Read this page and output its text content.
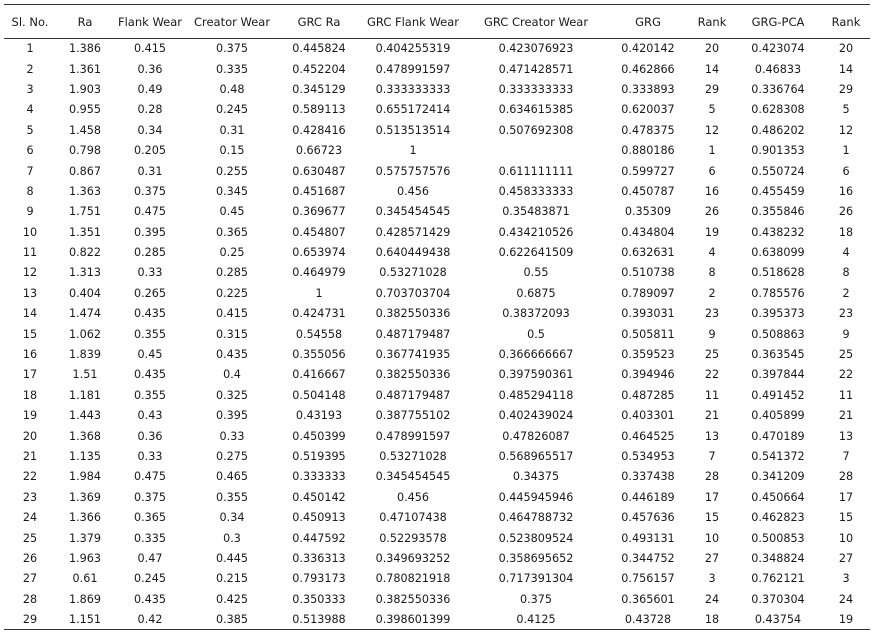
Sl. No.	Ra	Flank Wear	Creator Wear	GRC Ra	GRC Flank Wear	GRC Creator Wear	GRG	Rank	GRG-PCA	Rank
1	1.386	0.415	0.375	0.445824	0.404255319	0.423076923	0.420142	20	0.423074	20
2	1.361	0.36	0.335	0.452204	0.478991597	0.471428571	0.462866	14	0.46833	14
3	1.903	0.49	0.48	0.345129	0.333333333	0.333333333	0.333893	29	0.336764	29
4	0.955	0.28	0.245	0.589113	0.655172414	0.634615385	0.620037	5	0.628308	5
5	1.458	0.34	0.31	0.428416	0.513513514	0.507692308	0.478375	12	0.486202	12
6	0.798	0.205	0.15	0.66723	1		0.880186	1	0.901353	1
7	0.867	0.31	0.255	0.630487	0.575757576	0.611111111	0.599727	6	0.550724	6
8	1.363	0.375	0.345	0.451687	0.456	0.458333333	0.450787	16	0.455459	16
9	1.751	0.475	0.45	0.369677	0.345454545	0.35483871	0.35309	26	0.355846	26
10	1.351	0.395	0.365	0.454807	0.428571429	0.434210526	0.434804	19	0.438232	18
11	0.822	0.285	0.25	0.653974	0.640449438	0.622641509	0.632631	4	0.638099	4
12	1.313	0.33	0.285	0.464979	0.53271028	0.55	0.510738	8	0.518628	8
13	0.404	0.265	0.225	1	0.703703704	0.6875	0.789097	2	0.785576	2
14	1.474	0.435	0.415	0.424731	0.382550336	0.38372093	0.393031	23	0.395373	23
15	1.062	0.355	0.315	0.54558	0.487179487	0.5	0.505811	9	0.508863	9
16	1.839	0.45	0.435	0.355056	0.367741935	0.366666667	0.359523	25	0.363545	25
17	1.51	0.435	0.4	0.416667	0.382550336	0.397590361	0.394946	22	0.397844	22
18	1.181	0.355	0.325	0.504148	0.487179487	0.485294118	0.487285	11	0.491452	11
19	1.443	0.43	0.395	0.43193	0.387755102	0.402439024	0.403301	21	0.405899	21
20	1.368	0.36	0.33	0.450399	0.478991597	0.47826087	0.464525	13	0.470189	13
21	1.135	0.33	0.275	0.519395	0.53271028	0.568965517	0.534953	7	0.541372	7
22	1.984	0.475	0.465	0.333333	0.345454545	0.34375	0.337438	28	0.341209	28
23	1.369	0.375	0.355	0.450142	0.456	0.445945946	0.446189	17	0.450664	17
24	1.366	0.365	0.34	0.450913	0.47107438	0.464788732	0.457636	15	0.462823	15
25	1.379	0.335	0.3	0.447592	0.52293578	0.523809524	0.493131	10	0.500853	10
26	1.963	0.47	0.445	0.336313	0.349693252	0.358695652	0.344752	27	0.348824	27
27	0.61	0.245	0.215	0.793173	0.780821918	0.717391304	0.756157	3	0.762121	3
28	1.869	0.435	0.425	0.350333	0.382550336	0.375	0.365601	24	0.370304	24
29	1.151	0.42	0.385	0.513988	0.398601399	0.4125	0.43728	18	0.43754	19
